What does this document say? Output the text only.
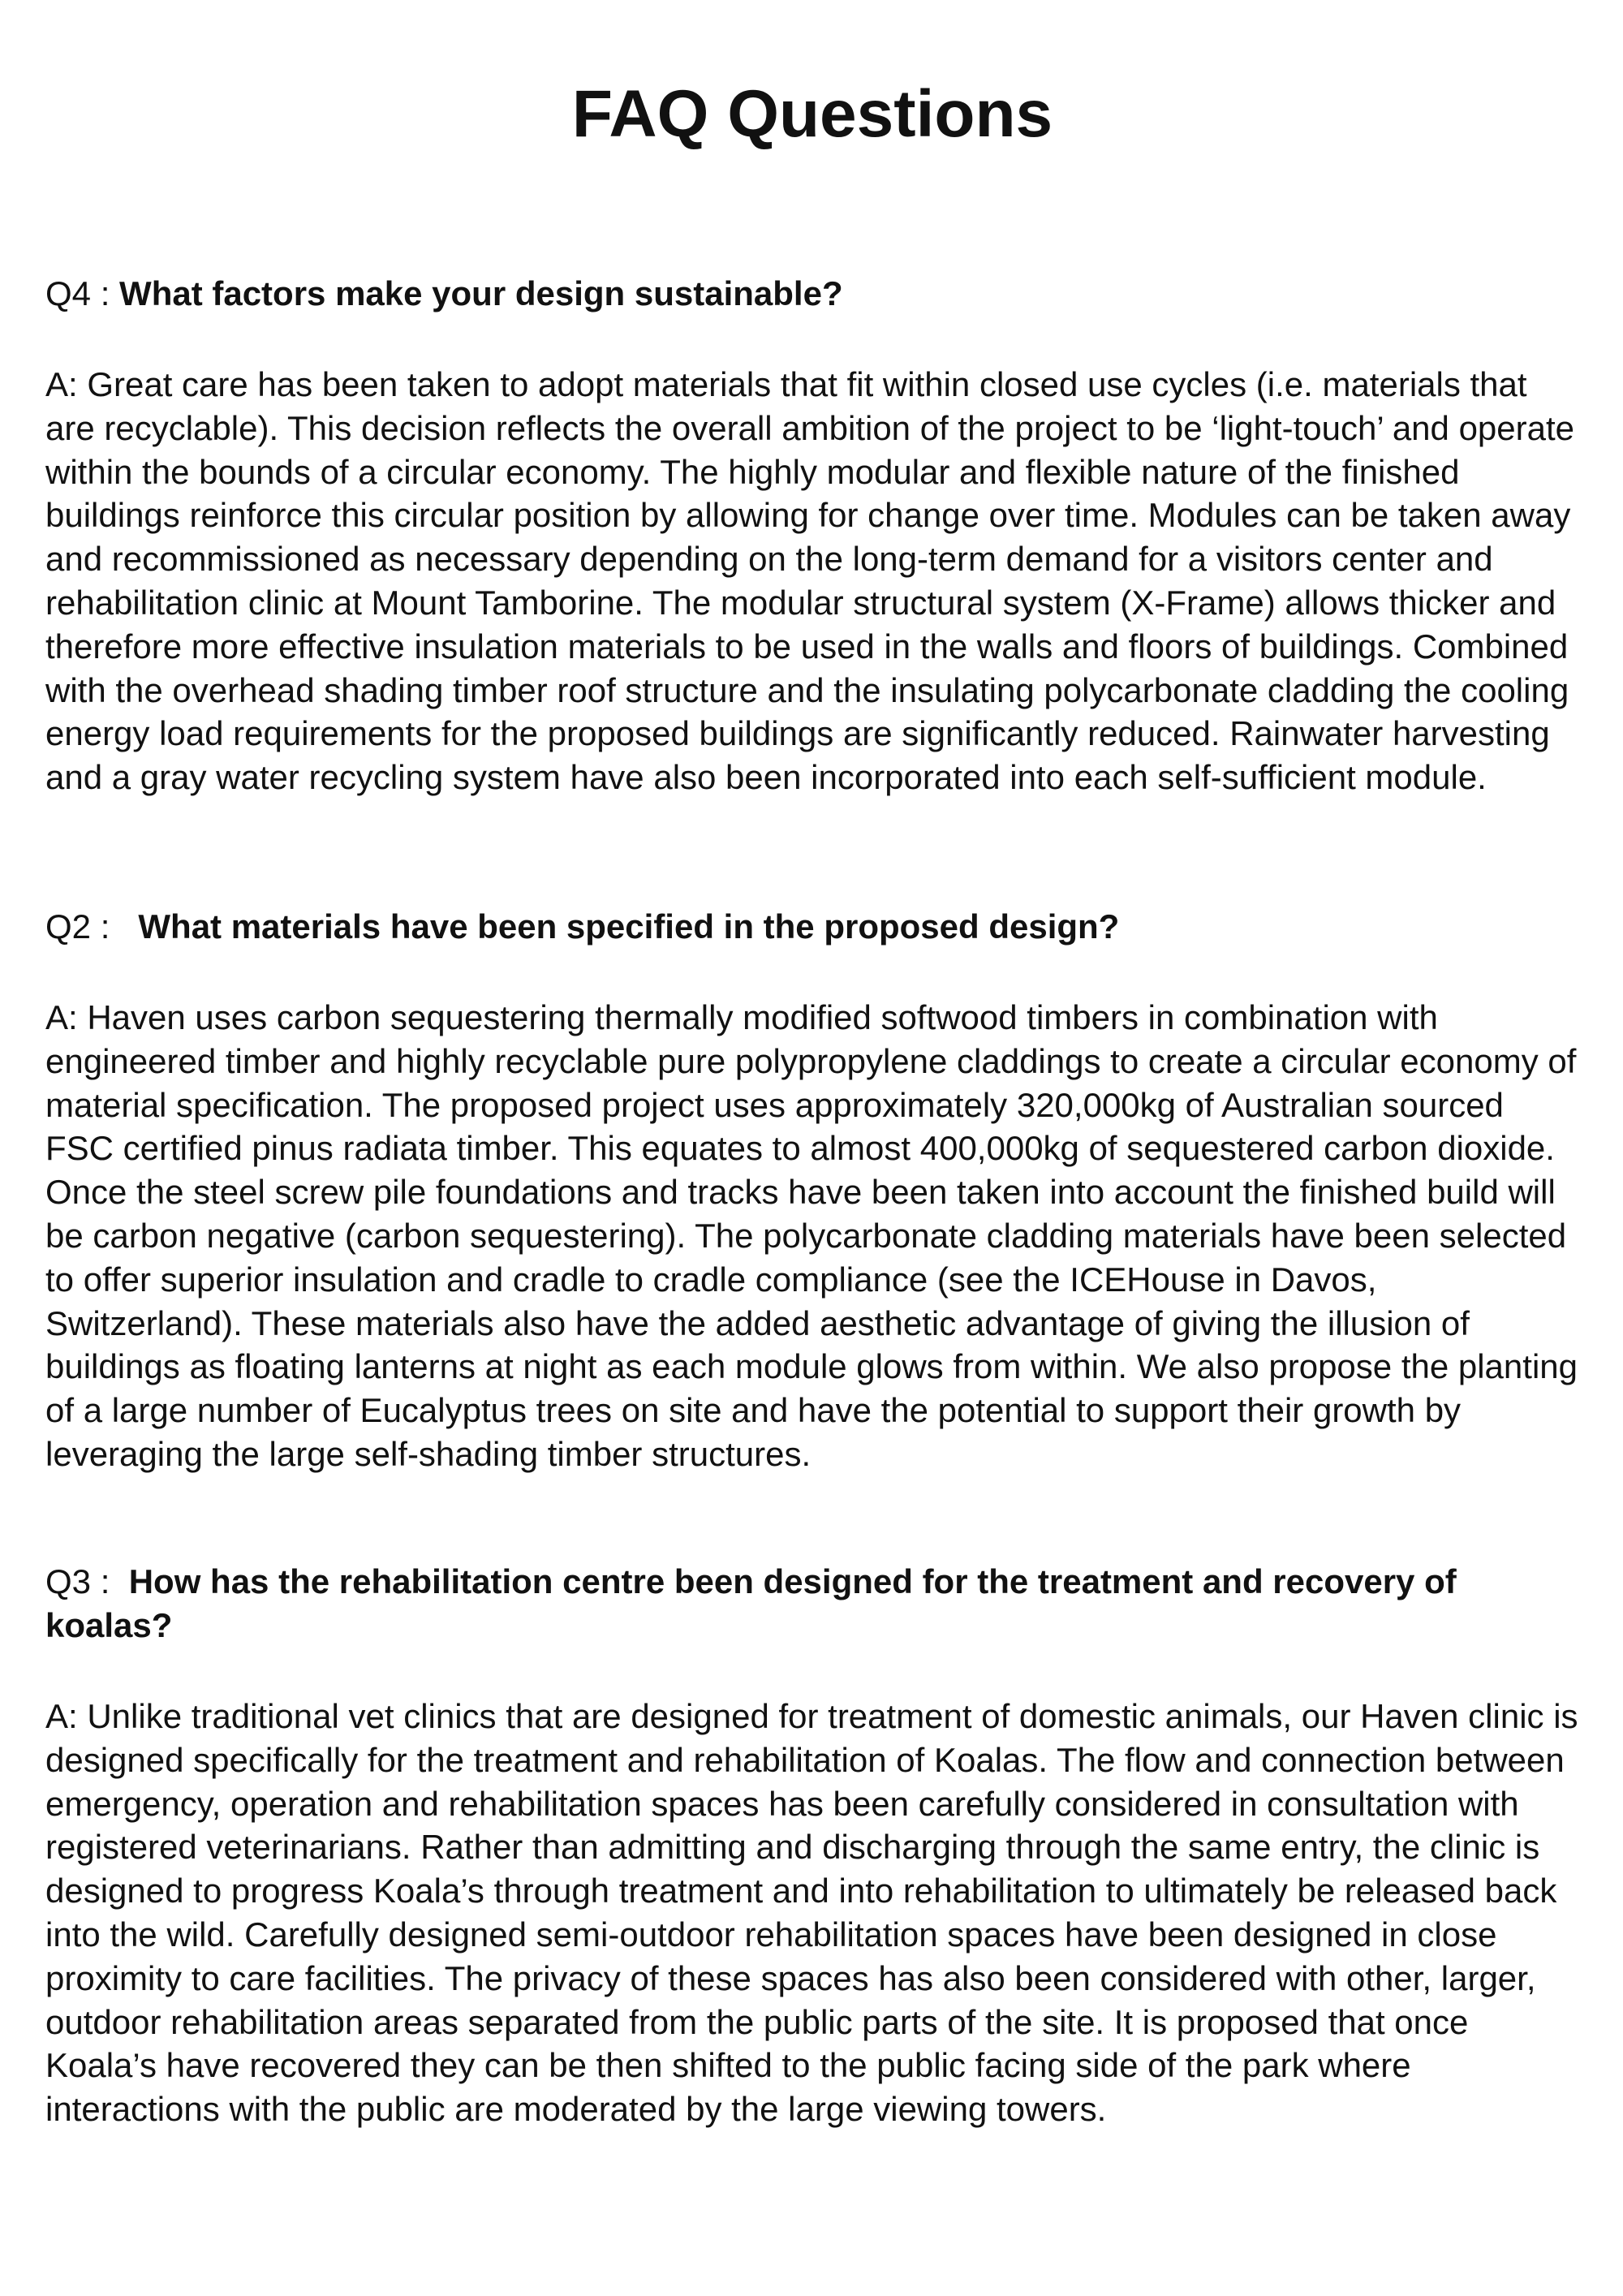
FAQ Questions

Q4 : What factors make your design sustainable?

A: Great care has been taken to adopt materials that fit within closed use cycles (i.e. materials that are recyclable). This decision reflects the overall ambition of the project to be ‘light-touch’ and operate within the bounds of a circular economy. The highly modular and flexible nature of the finished buildings reinforce this circular position by allowing for change over time. Modules can be taken away and recommissioned as necessary depending on the long-term demand for a visitors center and rehabilitation clinic at Mount Tamborine. The modular structural system (X-Frame) allows thicker and therefore more effective insulation materials to be used in the walls and floors of buildings. Combined with the overhead shading timber roof structure and the insulating polycarbonate cladding the cooling energy load requirements for the proposed buildings are significantly reduced. Rainwater harvesting and a gray water recycling system have also been incorporated into each self-sufficient module.

Q2 : What materials have been specified in the proposed design?

A: Haven uses carbon sequestering thermally modified softwood timbers in combination with engineered timber and highly recyclable pure polypropylene claddings to create a circular economy of material specification. The proposed project uses approximately 320,000kg of Australian sourced FSC certified pinus radiata timber. This equates to almost 400,000kg of sequestered carbon dioxide. Once the steel screw pile foundations and tracks have been taken into account the finished build will be carbon negative (carbon sequestering). The polycarbonate cladding materials have been selected to offer superior insulation and cradle to cradle compliance (see the ICEHouse in Davos, Switzerland). These materials also have the added aesthetic advantage of giving the illusion of buildings as floating lanterns at night as each module glows from within. We also propose the planting of a large number of Eucalyptus trees on site and have the potential to support their growth by leveraging the large self-shading timber structures.

Q3 : How has the rehabilitation centre been designed for the treatment and recovery of koalas?

A: Unlike traditional vet clinics that are designed for treatment of domestic animals, our Haven clinic is designed specifically for the treatment and rehabilitation of Koalas. The flow and connection between emergency, operation and rehabilitation spaces has been carefully considered in consultation with registered veterinarians. Rather than admitting and discharging through the same entry, the clinic is designed to progress Koala’s through treatment and into rehabilitation to ultimately be released back into the wild. Carefully designed semi-outdoor rehabilitation spaces have been designed in close proximity to care facilities. The privacy of these spaces has also been considered with other, larger, outdoor rehabilitation areas separated from the public parts of the site. It is proposed that once Koala’s have recovered they can be then shifted to the public facing side of the park where interactions with the public are moderated by the large viewing towers.
